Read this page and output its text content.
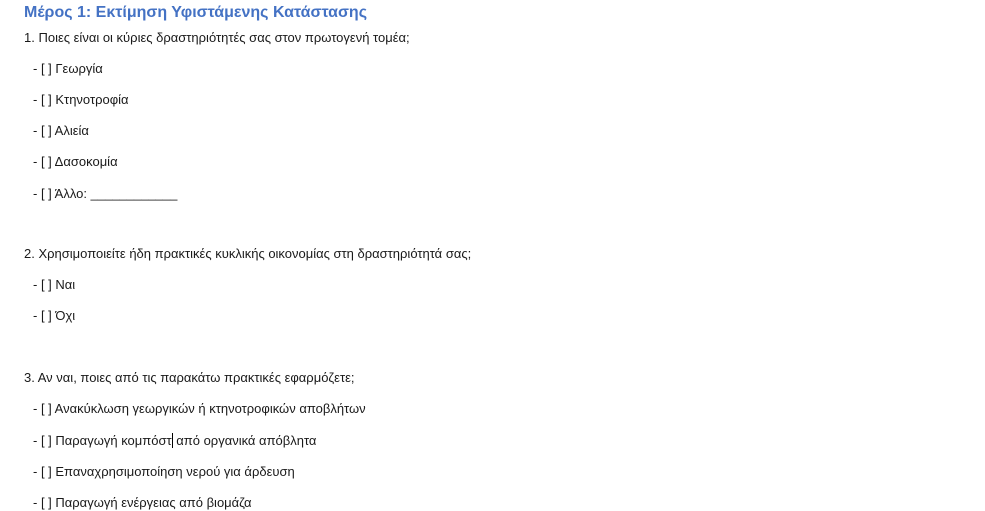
Μέρος 1: Εκτίμηση Υφιστάμενης Κατάστασης
1. Ποιες είναι οι κύριες δραστηριότητές σας στον πρωτογενή τομέα;
- [ ] Γεωργία
- [ ] Κτηνοτροφία
- [ ] Αλιεία
- [ ] Δασοκομία
- [ ] Άλλο: ____________
2. Χρησιμοποιείτε ήδη πρακτικές κυκλικής οικονομίας στη δραστηριότητά σας;
- [ ] Ναι
- [ ] Όχι
3. Αν ναι, ποιες από τις παρακάτω πρακτικές εφαρμόζετε;
- [ ] Ανακύκλωση γεωργικών ή κτηνοτροφικών αποβλήτων
- [ ] Παραγωγή κομπόστ από οργανικά απόβλητα
- [ ] Επαναχρησιμοποίηση νερού για άρδευση
- [ ] Παραγωγή ενέργειας από βιομάζα
